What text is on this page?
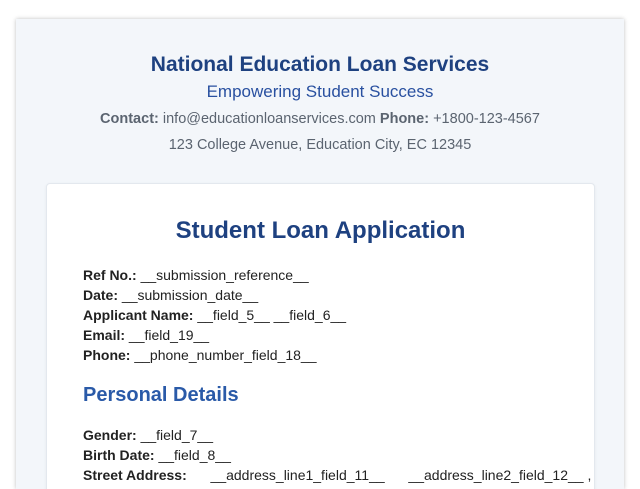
National Education Loan Services
Empowering Student Success
Contact: info@educationloanservices.com Phone: +1800-123-4567
123 College Avenue, Education City, EC 12345
Student Loan Application
Ref No.: __submission_reference__
Date: __submission_date__
Applicant Name: __field_5__ __field_6__
Email: __field_19__
Phone: __phone_number_field_18__
Personal Details
Gender: __field_7__
Birth Date: __field_8__
Street Address: __address_line1_field_11__ __address_line2_field_12__ ,
